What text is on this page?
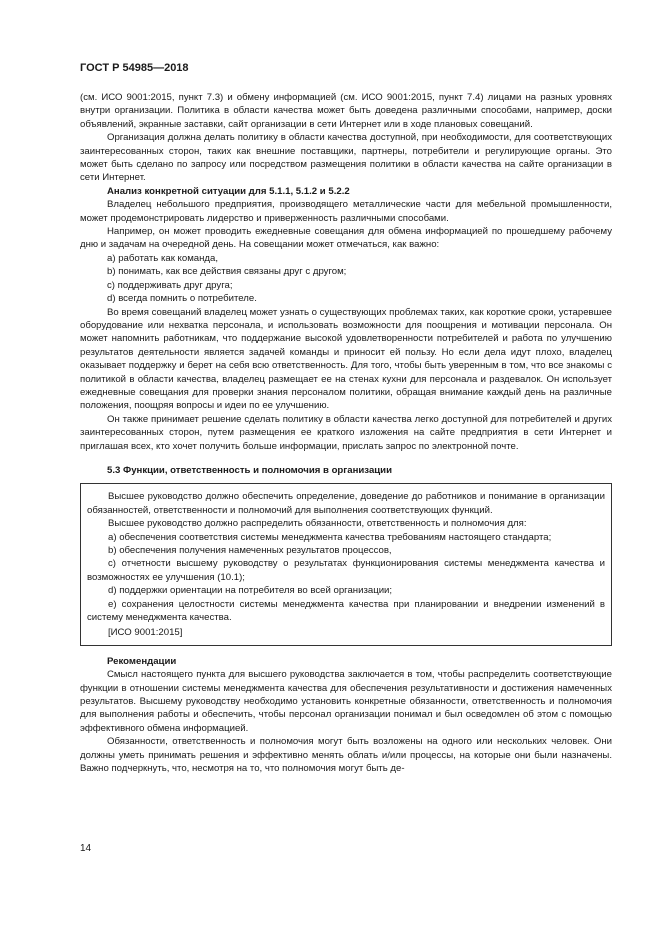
ГОСТ Р 54985—2018

(см. ИСО 9001:2015, пункт 7.3) и обмену информацией (см. ИСО 9001:2015, пункт 7.4) лицами на разных уровнях внутри организации. Политика в области качества может быть доведена различными способами, например, доски объявлений, экранные заставки, сайт организации в сети Интернет или в ходе плановых совещаний.

Организация должна делать политику в области качества доступной, при необходимости, для соответствующих заинтересованных сторон, таких как внешние поставщики, партнеры, потребители и регулирующие органы. Это может быть сделано по запросу или посредством размещения политики в области качества на сайте организации в сети Интернет.

Анализ конкретной ситуации для 5.1.1, 5.1.2 и 5.2.2

Владелец небольшого предприятия, производящего металлические части для мебельной промышленности, может продемонстрировать лидерство и приверженность различными способами.

Например, он может проводить ежедневные совещания для обмена информацией по прошедшему рабочему дню и задачам на очередной день. На совещании может отмечаться, как важно:

a) работать как команда,

b) понимать, как все действия связаны друг с другом;

c) поддерживать друг друга;

d) всегда помнить о потребителе.

Во время совещаний владелец может узнать о существующих проблемах таких, как короткие сроки, устаревшее оборудование или нехватка персонала, и использовать возможности для поощрения и мотивации персонала. Он может напомнить работникам, что поддержание высокой удовлетворенности потребителей и работа по улучшению результатов деятельности является задачей команды и приносит ей пользу. Но если дела идут плохо, владелец оказывает поддержку и берет на себя всю ответственность. Для того, чтобы быть уверенным в том, что все знакомы с политикой в области качества, владелец размещает ее на стенах кухни для персонала и раздевалок. Он использует ежедневные совещания для проверки знания персоналом политики, обращая внимание каждый день на различные положения, поощряя вопросы и идеи по ее улучшению.

Он также принимает решение сделать политику в области качества легко доступной для потребителей и других заинтересованных сторон, путем размещения ее краткого изложения на сайте предприятия в сети Интернет и приглашая всех, кто хочет получить больше информации, прислать запрос по электронной почте.

5.3 Функции, ответственность и полномочия в организации

Высшее руководство должно обеспечить определение, доведение до работников и понимание в организации обязанностей, ответственности и полномочий для выполнения соответствующих функций.

Высшее руководство должно распределить обязанности, ответственность и полномочия для:

а) обеспечения соответствия системы менеджмента качества требованиям настоящего стандарта;

b) обеспечения получения намеченных результатов процессов,

c) отчетности высшему руководству о результатах функционирования системы менеджмента качества и возможностях ее улучшения (10.1);

d) поддержки ориентации на потребителя во всей организации;

e) сохранения целостности системы менеджмента качества при планировании и внедрении изменений в систему менеджмента качества.

[ИСО 9001:2015]

Рекомендации

Смысл настоящего пункта для высшего руководства заключается в том, чтобы распределить соответствующие функции в отношении системы менеджмента качества для обеспечения результативности и достижения намеченных результатов. Высшему руководству необходимо установить конкретные обязанности, ответственность и полномочия для выполнения работы и обеспечить, чтобы персонал организации понимал и был осведомлен об этом с помощью эффективного обмена информацией.

Обязанности, ответственность и полномочия могут быть возложены на одного или нескольких человек. Они должны уметь принимать решения и эффективно менять облать и/или процессы, на которые они были назначены. Важно подчеркнуть, что, несмотря на то, что полномочия могут быть де-

14
